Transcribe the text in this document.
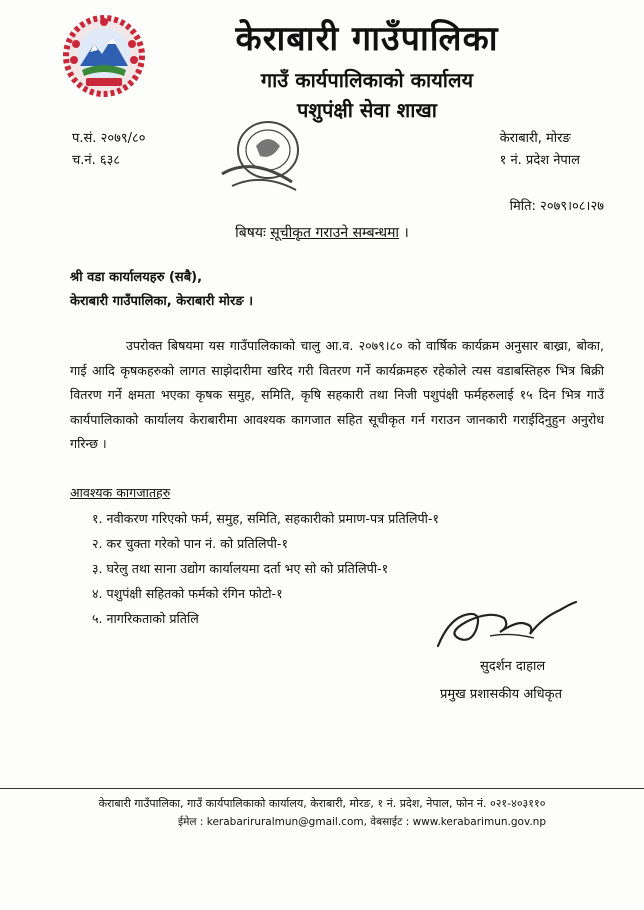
केराबारी गाउँपालिका
गाउँ कार्यपालिकाको कार्यालय
पशुपंक्षी सेवा शाखा
प.सं. २०७९/८०
च.नं. ६३८
केराबारी, मोरङ
१ नं. प्रदेश नेपाल
मिति: २०७९।०८।२७
बिषयः सूचीकृत गराउने सम्बन्धमा ।
श्री वडा कार्यालयहरु (सबै),
केराबारी गाउँपालिका, केराबारी मोरङ ।
उपरोक्त बिषयमा यस गाउँपालिकाको चालु आ.व. २०७९।८० को वार्षिक कार्यक्रम अनुसार बाख्रा, बोका, गाई आदि कृषकहरुको लागत साझेदारीमा खरिद गरी वितरण गर्ने कार्यक्रमहरु रहेकोले त्यस वडाबस्तिहरु भित्र बिक्री वितरण गर्ने क्षमता भएका कृषक समुह, समिति, कृषि सहकारी तथा निजी पशुपंक्षी फर्महरुलाई १५ दिन भित्र गाउँ कार्यपालिकाको कार्यालय केराबारीमा आवश्यक कागजात सहित सूचीकृत गर्न गराउन जानकारी गराईदिनुहुन अनुरोध गरिन्छ ।
आवश्यक कागजातहरु
१. नवीकरण गरिएको फर्म, समुह, समिति, सहकारीको प्रमाण-पत्र प्रतिलिपी-१
२. कर चुक्ता गरेको पान नं. को प्रतिलिपी-१
३. घरेलु तथा साना उद्योग कार्यालयमा दर्ता भए सो को प्रतिलिपी-१
४. पशुपंक्षी सहितको फर्मको रंगिन फोटो-१
५. नागरिकताको प्रतिलि
सुदर्शन दाहाल
प्रमुख प्रशासकीय अधिकृत
केराबारी गाउँपालिका, गाउँ कार्यपालिकाको कार्यालय, केराबारी, मोरङ, १ नं. प्रदेश, नेपाल, फोन नं. ०२१-४०३११०
ईमेल : kerabariruralmun@gmail.com, वेबसाईट : www.kerabarimun.gov.np
